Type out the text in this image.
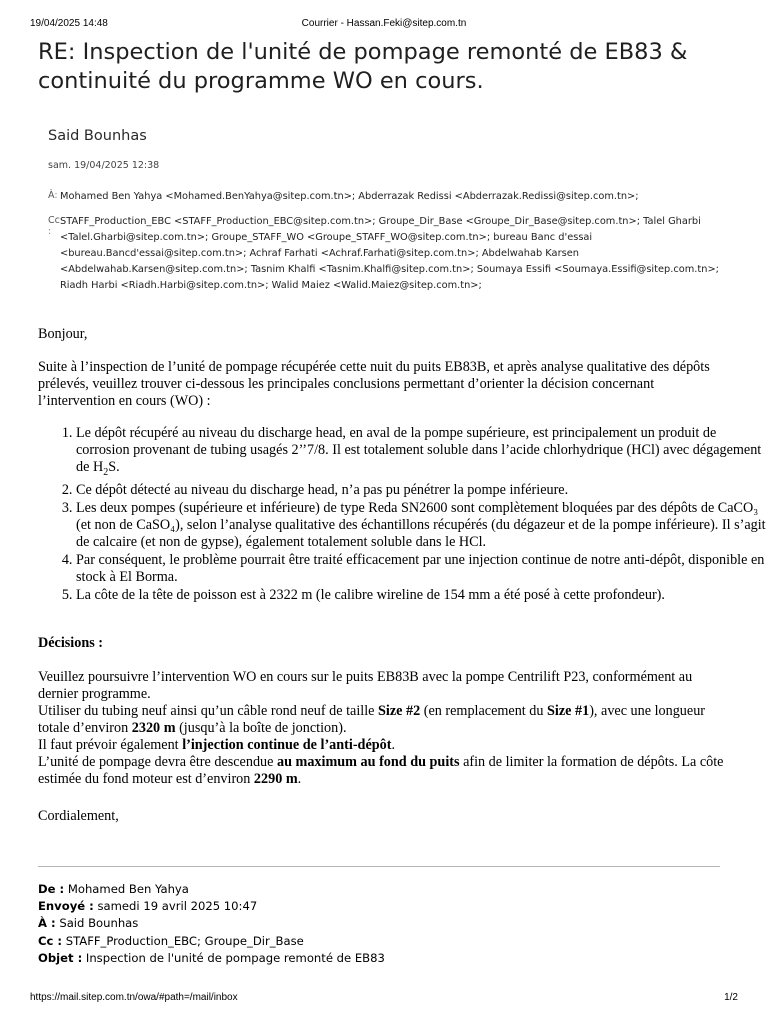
19/04/2025 14:48	Courrier - Hassan.Feki@sitep.com.tn
RE: Inspection de l'unité de pompage remonté de EB83 & continuité du programme WO en cours.
Said Bounhas
sam. 19/04/2025 12:38
À: Mohamed Ben Yahya <Mohamed.BenYahya@sitep.com.tn>; Abderrazak Redissi <Abderrazak.Redissi@sitep.com.tn>;
Cc
:
STAFF_Production_EBC <STAFF_Production_EBC@sitep.com.tn>; Groupe_Dir_Base <Groupe_Dir_Base@sitep.com.tn>; Talel Gharbi
<Talel.Gharbi@sitep.com.tn>; Groupe_STAFF_WO <Groupe_STAFF_WO@sitep.com.tn>; bureau Banc d'essai
<bureau.Bancd'essai@sitep.com.tn>; Achraf Farhati <Achraf.Farhati@sitep.com.tn>; Abdelwahab Karsen
<Abdelwahab.Karsen@sitep.com.tn>; Tasnim Khalfi <Tasnim.Khalfi@sitep.com.tn>; Soumaya Essifi <Soumaya.Essifi@sitep.com.tn>;
Riadh Harbi <Riadh.Harbi@sitep.com.tn>; Walid Maiez <Walid.Maiez@sitep.com.tn>;

Bonjour,

Suite à l’inspection de l’unité de pompage récupérée cette nuit du puits EB83B, et après analyse qualitative des dépôts prélevés, veuillez trouver ci-dessous les principales conclusions permettant d’orienter la décision concernant l’intervention en cours (WO) :

1. Le dépôt récupéré au niveau du discharge head, en aval de la pompe supérieure, est principalement un produit de corrosion provenant de tubing usagés 2’’7/8. Il est totalement soluble dans l’acide chlorhydrique (HCl) avec dégagement de $H_2S$.
2. Ce dépôt détecté au niveau du discharge head, n’a pas pu pénétrer la pompe inférieure.
3. Les deux pompes (supérieure et inférieure) de type Reda SN2600 sont complètement bloquées par des dépôts de CaCO₃ (et non de CaSO₄), selon l’analyse qualitative des échantillons récupérés (du dégazeur et de la pompe inférieure). Il s’agit de calcaire (et non de gypse), également totalement soluble dans le HCl.
4. Par conséquent, le problème pourrait être traité efficacement par une injection continue de notre anti-dépôt, disponible en stock à El Borma.
5. La côte de la tête de poisson est à 2322 m (le calibre wireline de 154 mm a été posé à cette profondeur).

Décisions :

Veuillez poursuivre l’intervention WO en cours sur le puits EB83B avec la pompe Centrilift P23, conformément au dernier programme.

Utiliser du tubing neuf ainsi qu’un câble rond neuf de taille Size #2 (en remplacement du Size #1), avec une longueur totale d’environ 2320 m (jusqu’à la boîte de jonction).

Il faut prévoir également l’injection continue de l’anti-dépôt.

L’unité de pompage devra être descendue au maximum au fond du puits afin de limiter la formation de dépôts. La côte estimée du fond moteur est d’environ 2290 m.

Cordialement,

De : Mohamed Ben Yahya
Envoyé : samedi 19 avril 2025 10:47
À : Said Bounhas
Cc : STAFF_Production_EBC; Groupe_Dir_Base
Objet : Inspection de l'unité de pompage remonté de EB83
https://mail.sitep.com.tn/owa/#path=/mail/inbox	1/2
